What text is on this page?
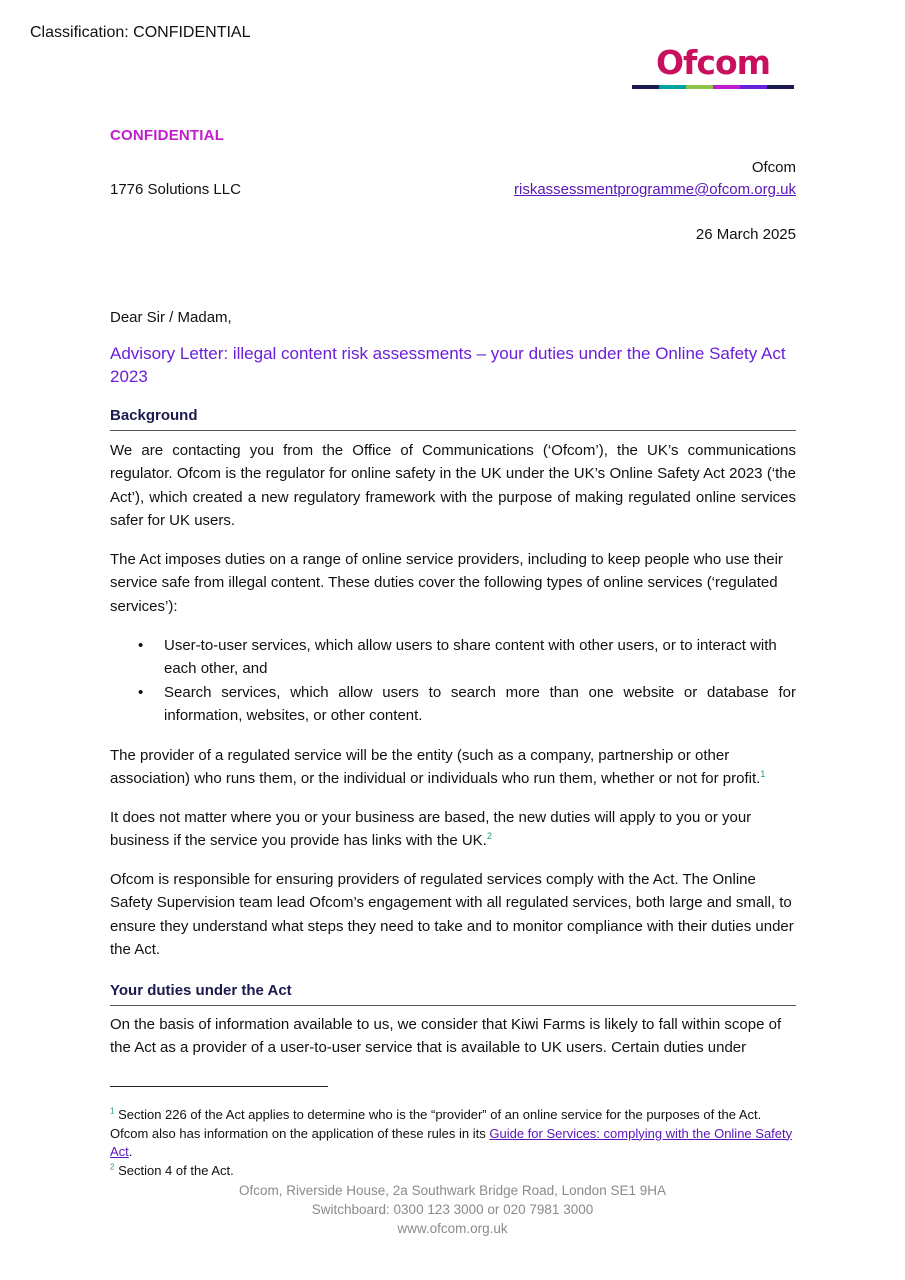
Classification: CONFIDENTIAL
Ofcom
CONFIDENTIAL
Ofcom
1776 Solutions LLC	riskassessmentprogramme@ofcom.org.uk
26 March 2025
Dear Sir / Madam,
Advisory Letter: illegal content risk assessments – your duties under the Online Safety Act 2023
Background

We are contacting you from the Office of Communications (‘Ofcom’), the UK’s communications regulator. Ofcom is the regulator for online safety in the UK under the UK’s Online Safety Act 2023 (‘the Act’), which created a new regulatory framework with the purpose of making regulated online services safer for UK users.

The Act imposes duties on a range of online service providers, including to keep people who use their service safe from illegal content. These duties cover the following types of online services (‘regulated services’):

• User-to-user services, which allow users to share content with other users, or to interact with each other, and
• Search services, which allow users to search more than one website or database for information, websites, or other content.

The provider of a regulated service will be the entity (such as a company, partnership or other association) who runs them, or the individual or individuals who run them, whether or not for profit.$^1$

It does not matter where you or your business are based, the new duties will apply to you or your business if the service you provide has links with the UK.$^2$

Ofcom is responsible for ensuring providers of regulated services comply with the Act. The Online Safety Supervision team lead Ofcom’s engagement with all regulated services, both large and small, to ensure they understand what steps they need to take and to monitor compliance with their duties under the Act.

Your duties under the Act

On the basis of information available to us, we consider that Kiwi Farms is likely to fall within scope of the Act as a provider of a user-to-user service that is available to UK users. Certain duties under

$^1$ Section 226 of the Act applies to determine who is the “provider” of an online service for the purposes of the Act. Ofcom also has information on the application of these rules in its Guide for Services: complying with the Online Safety Act.

$^2$ Section 4 of the Act.

Ofcom, Riverside House, 2a Southwark Bridge Road, London SE1 9HA
Switchboard: 0300 123 3000 or 020 7981 3000
www.ofcom.org.uk
